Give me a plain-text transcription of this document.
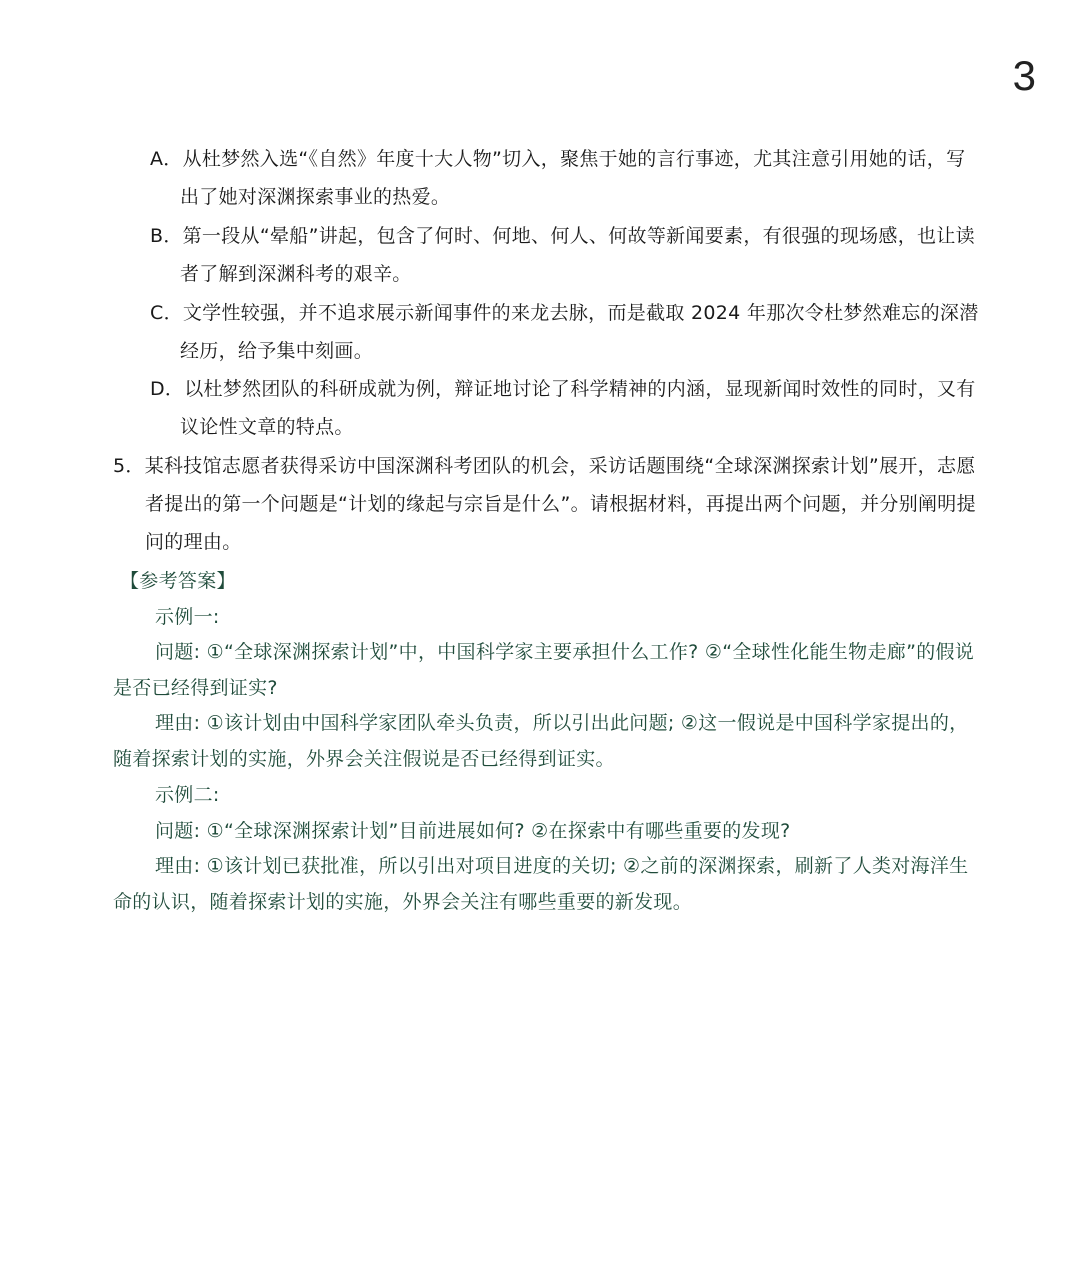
3

A．从杜梦然入选“《自然》年度十大人物”切入，聚焦于她的言行事迹，尤其注意引用她的话，写出了她对深渊探索事业的热爱。

B．第一段从“晕船”讲起，包含了何时、何地、何人、何故等新闻要素，有很强的现场感，也让读者了解到深渊科考的艰辛。

C．文学性较强，并不追求展示新闻事件的来龙去脉，而是截取 2024 年那次令杜梦然难忘的深潜经历，给予集中刻画。

D．以杜梦然团队的科研成就为例，辩证地讨论了科学精神的内涵，显现新闻时效性的同时，又有议论性文章的特点。

5．某科技馆志愿者获得采访中国深渊科考团队的机会，采访话题围绕“全球深渊探索计划”展开，志愿者提出的第一个问题是“计划的缘起与宗旨是什么”。请根据材料，再提出两个问题，并分别阐明提问的理由。

【参考答案】

示例一:

问题: ①“全球深渊探索计划”中，中国科学家主要承担什么工作? ②“全球性化能生物走廊”的假说是否已经得到证实?

理由: ①该计划由中国科学家团队牵头负责，所以引出此问题; ②这一假说是中国科学家提出的，随着探索计划的实施，外界会关注假说是否已经得到证实。

示例二:

问题: ①“全球深渊探索计划”目前进展如何? ②在探索中有哪些重要的发现?

理由: ①该计划已获批准，所以引出对项目进度的关切; ②之前的深渊探索，刷新了人类对海洋生命的认识，随着探索计划的实施，外界会关注有哪些重要的新发现。
